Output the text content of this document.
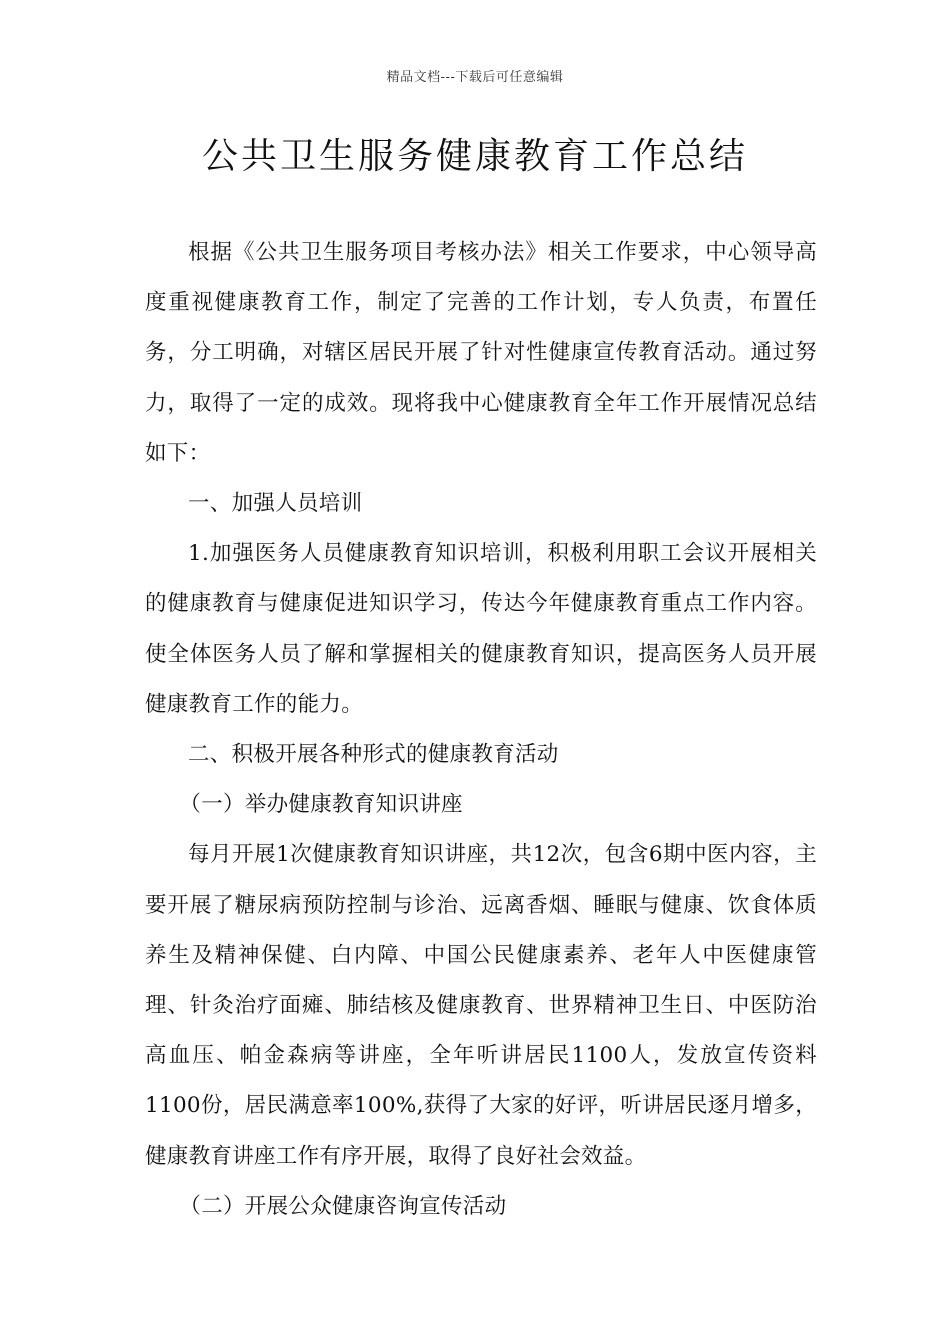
精品文档---下载后可任意编辑
公共卫生服务健康教育工作总结

根据《公共卫生服务项目考核办法》相关工作要求，中心领导高度重视健康教育工作，制定了完善的工作计划，专人负责，布置任务，分工明确，对辖区居民开展了针对性健康宣传教育活动。通过努力，取得了一定的成效。现将我中心健康教育全年工作开展情况总结如下：

一、加强人员培训

1.加强医务人员健康教育知识培训，积极利用职工会议开展相关的健康教育与健康促进知识学习，传达今年健康教育重点工作内容。使全体医务人员了解和掌握相关的健康教育知识，提高医务人员开展健康教育工作的能力。

二、积极开展各种形式的健康教育活动

（一）举办健康教育知识讲座

每月开展1次健康教育知识讲座，共12次，包含6期中医内容，主要开展了糖尿病预防控制与诊治、远离香烟、睡眠与健康、饮食体质养生及精神保健、白内障、中国公民健康素养、老年人中医健康管理、针灸治疗面瘫、肺结核及健康教育、世界精神卫生日、中医防治高血压、帕金森病等讲座，全年听讲居民1100人，发放宣传资料1100份，居民满意率100%,获得了大家的好评，听讲居民逐月增多，健康教育讲座工作有序开展，取得了良好社会效益。

（二）开展公众健康咨询宣传活动
